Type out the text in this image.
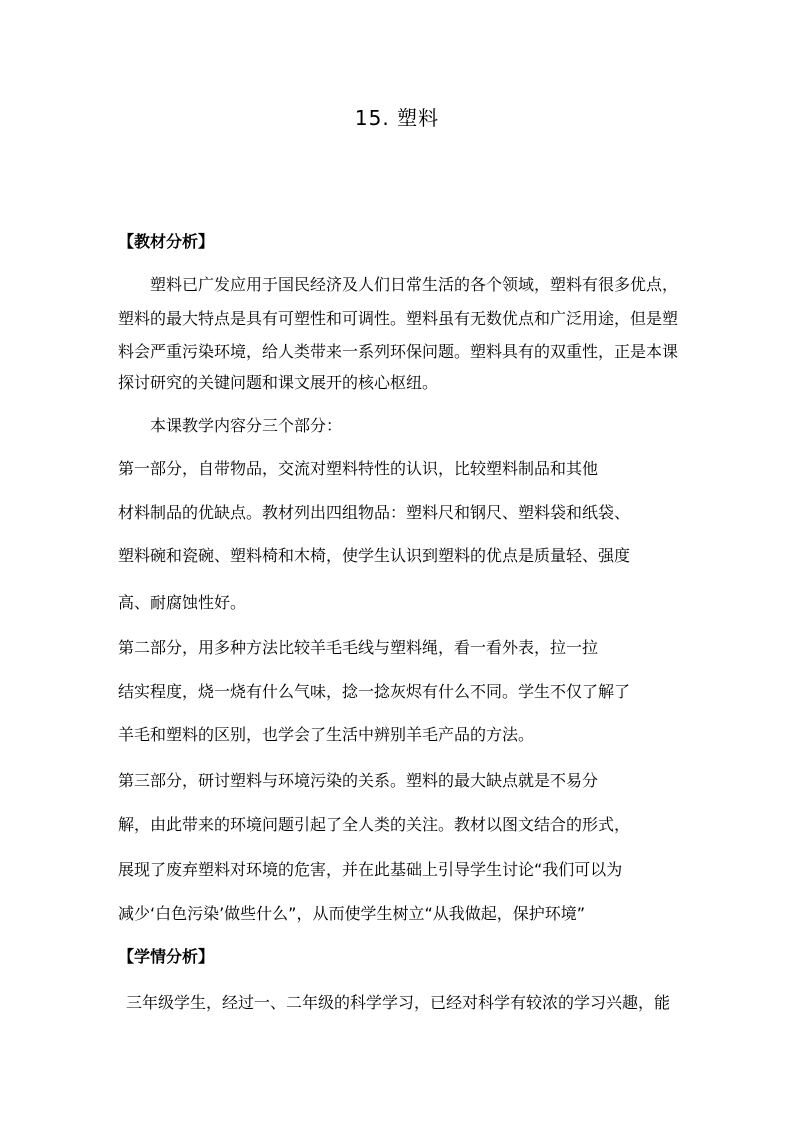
15. 塑料
【教材分析】
塑料已广发应用于国民经济及人们日常生活的各个领域，塑料有很多优点，
塑料的最大特点是具有可塑性和可调性。塑料虽有无数优点和广泛用途，但是塑
料会严重污染环境，给人类带来一系列环保问题。塑料具有的双重性，正是本课
探讨研究的关键问题和课文展开的核心枢纽。
本课教学内容分三个部分：
第一部分，自带物品，交流对塑料特性的认识，比较塑料制品和其他
材料制品的优缺点。教材列出四组物品：塑料尺和钢尺、塑料袋和纸袋、
塑料碗和瓷碗、塑料椅和木椅，使学生认识到塑料的优点是质量轻、强度
高、耐腐蚀性好。
第二部分，用多种方法比较羊毛毛线与塑料绳，看一看外表，拉一拉
结实程度，烧一烧有什么气味，捻一捻灰烬有什么不同。学生不仅了解了
羊毛和塑料的区别，也学会了生活中辨别羊毛产品的方法。
第三部分，研讨塑料与环境污染的关系。塑料的最大缺点就是不易分
解，由此带来的环境问题引起了全人类的关注。教材以图文结合的形式，
展现了废弃塑料对环境的危害，并在此基础上引导学生讨论“我们可以为
减少‘白色污染’做些什么”，从而使学生树立“从我做起，保护环境”
【学情分析】
三年级学生，经过一、二年级的科学学习，已经对科学有较浓的学习兴趣，能
